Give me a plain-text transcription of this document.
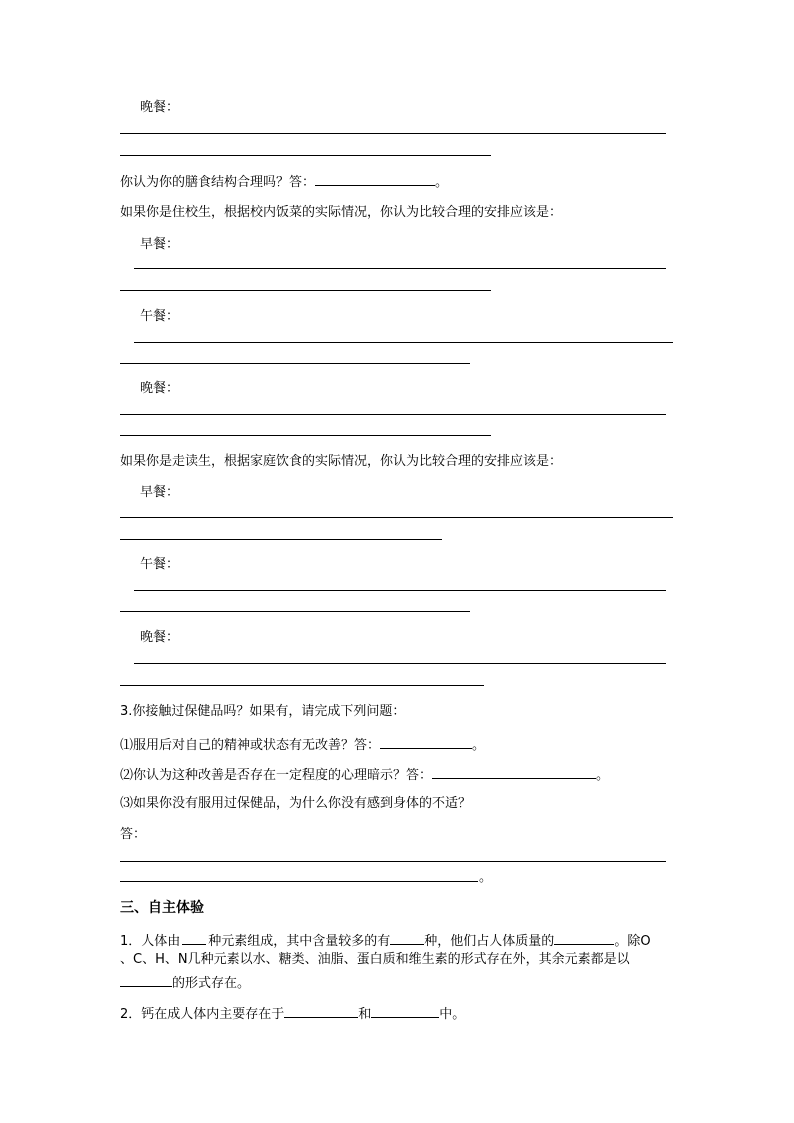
晚餐：
你认为你的膳食结构合理吗？答：	。
如果你是住校生，根据校内饭菜的实际情况，你认为比较合理的安排应该是：
早餐：
午餐：
晚餐：
如果你是走读生，根据家庭饮食的实际情况，你认为比较合理的安排应该是：
早餐：
午餐：
晚餐：
3.你接触过保健品吗？如果有，请完成下列问题：
⑴服用后对自己的精神或状态有无改善？答：	。
⑵你认为这种改善是否存在一定程度的心理暗示？答：	。
⑶如果你没有服用过保健品，为什么你没有感到身体的不适？
答：
。
三、自主体验
1．人体由 种元素组成，其中含量较多的有	种，他们占人体质量的	。除O
、C、H、N几种元素以水、糖类、油脂、蛋白质和维生素的形式存在外，其余元素都是以
的形式存在。
2．钙在成人体内主要存在于	和	中。
